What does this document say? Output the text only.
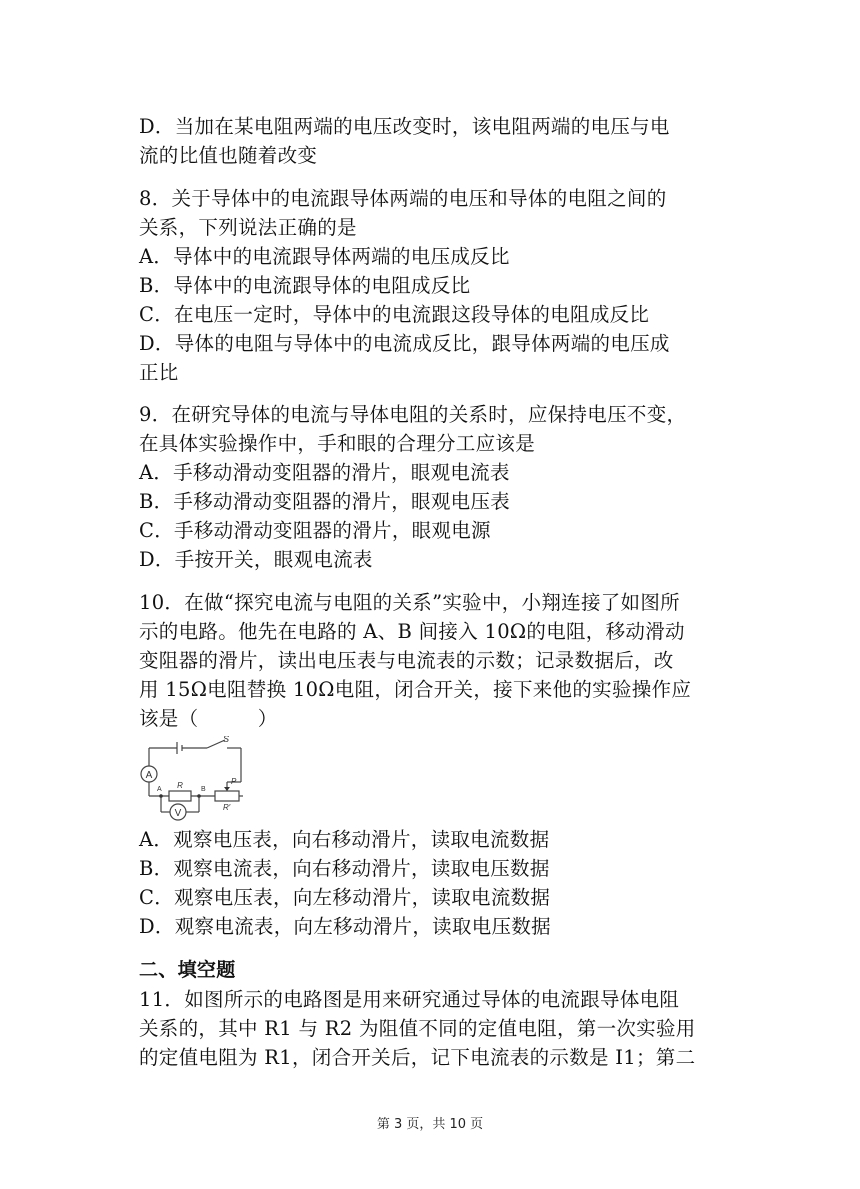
D．当加在某电阻两端的电压改变时，该电阻两端的电压与电
流的比值也随着改变
8．关于导体中的电流跟导体两端的电压和导体的电阻之间的
关系，下列说法正确的是
A．导体中的电流跟导体两端的电压成反比
B．导体中的电流跟导体的电阻成反比
C．在电压一定时，导体中的电流跟这段导体的电阻成反比
D．导体的电阻与导体中的电流成反比，跟导体两端的电压成
正比
9．在研究导体的电流与导体电阻的关系时，应保持电压不变，
在具体实验操作中，手和眼的合理分工应该是
A．手移动滑动变阻器的滑片，眼观电流表
B．手移动滑动变阻器的滑片，眼观电压表
C．手移动滑动变阻器的滑片，眼观电源
D．手按开关，眼观电流表
10．在做“探究电流与电阻的关系”实验中，小翔连接了如图所
示的电路。他先在电路的 A、B 间接入 10Ω的电阻，移动滑动
变阻器的滑片，读出电压表与电流表的示数；记录数据后，改
用 15Ω电阻替换 10Ω电阻，闭合开关，接下来他的实验操作应
该是（　　　）
A
V
S
R	P
R′
A	B
A．观察电压表，向右移动滑片，读取电流数据
B．观察电流表，向右移动滑片，读取电压数据
C．观察电压表，向左移动滑片，读取电流数据
D．观察电流表，向左移动滑片，读取电压数据
二、填空题
11．如图所示的电路图是用来研究通过导体的电流跟导体电阻
关系的，其中 R1 与 R2 为阻值不同的定值电阻，第一次实验用
的定值电阻为 R1，闭合开关后，记下电流表的示数是 I1；第二
第 3 页，共 10 页
